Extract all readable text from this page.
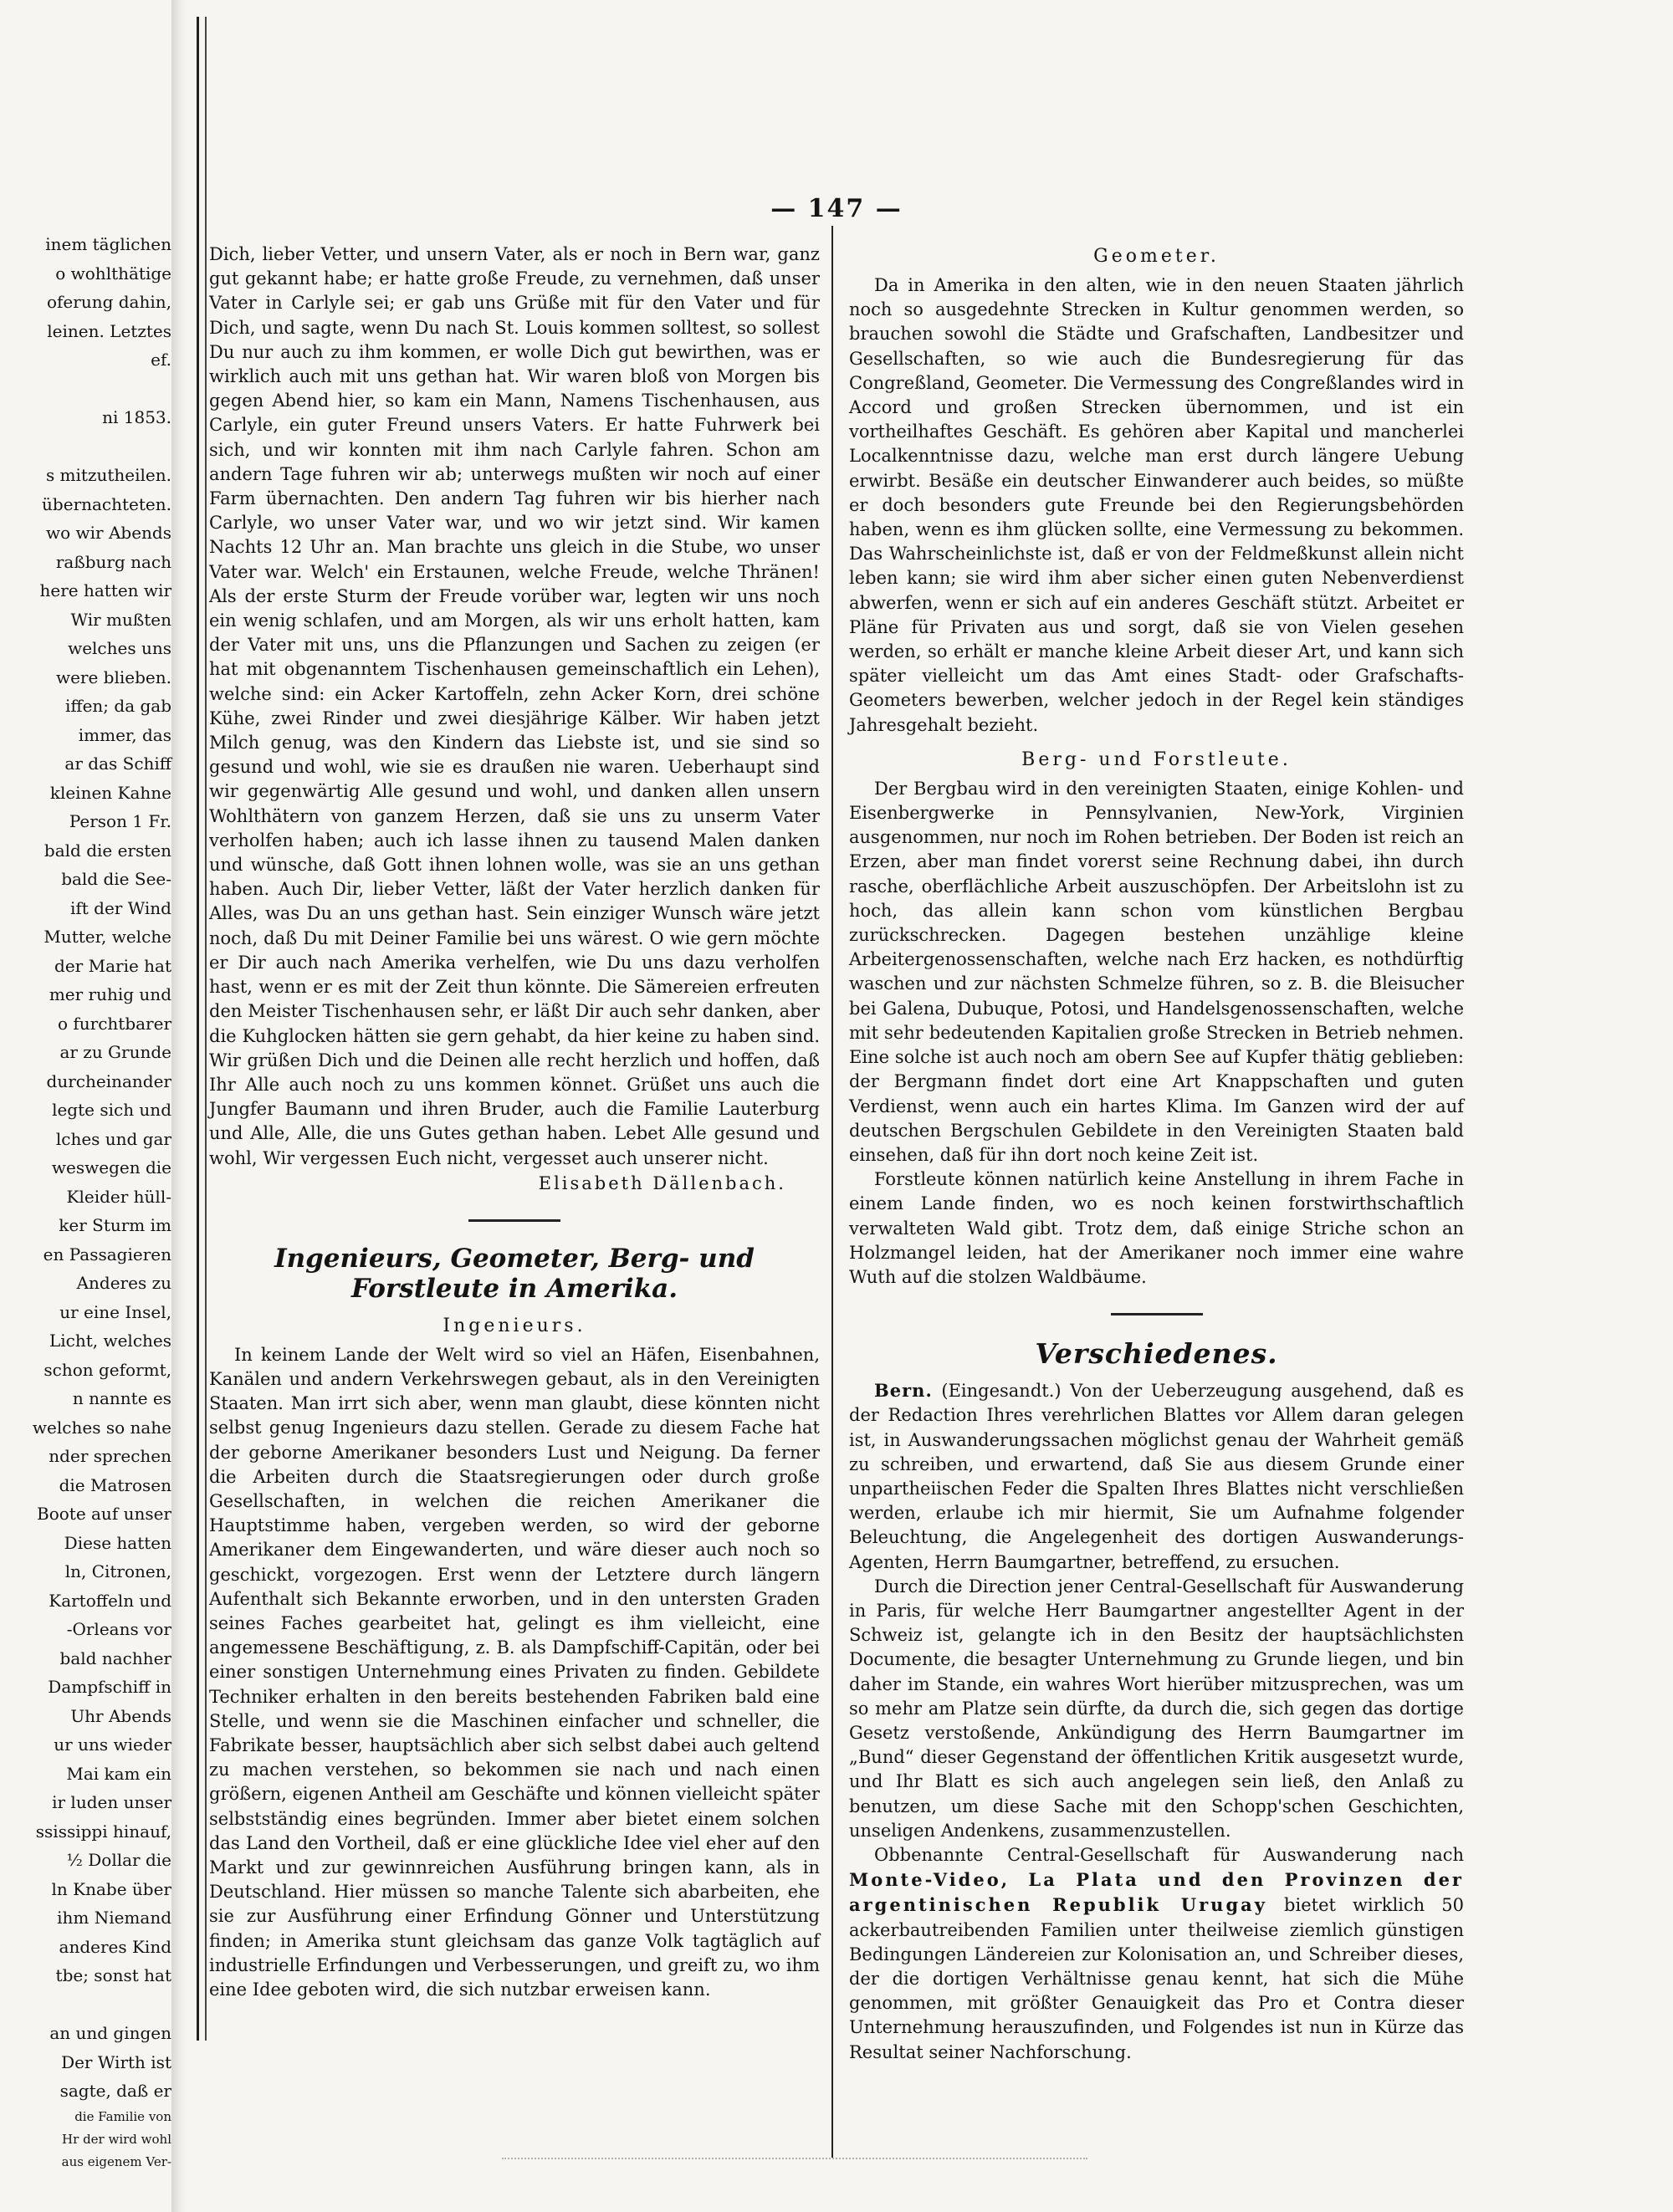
inem täglichen
o wohlthätige
oferung dahin,
leinen. Letztes
ef.

ni 1853.

s mitzutheilen.
übernachteten.
wo wir Abends
raßburg nach
here hatten wir
Wir mußten
welches uns
were blieben.
iffen; da gab
immer, das
ar das Schiff
kleinen Kahne
Person 1 Fr.
bald die ersten
bald die See-
ift der Wind
Mutter, welche
der Marie hat
mer ruhig und
o furchtbarer
ar zu Grunde
durcheinander
legte sich und
lches und gar
weswegen die
Kleider hüll-
ker Sturm im
en Passagieren
Anderes zu
ur eine Insel,
Licht, welches
schon geformt,
n nannte es
welches so nahe
nder sprechen
die Matrosen
Boote auf unser
Diese hatten
ln, Citronen,
Kartoffeln und
-Orleans vor
bald nachher
Dampfschiff in
Uhr Abends
ur uns wieder
Mai kam ein
ir luden unser
ssissippi hinauf,
½ Dollar die
ln Knabe über
ihm Niemand
anderes Kind
tbe; sonst hat

an und gingen
Der Wirth ist
sagte, daß er
die Familie von
Hr der wird wohl
aus eigenem Ver-
— 147 —

Dich, lieber Vetter, und unsern Vater, als er noch in Bern war, ganz gut gekannt habe; er hatte große Freude, zu vernehmen, daß unser Vater in Carlyle sei; er gab uns Grüße mit für den Vater und für Dich, und sagte, wenn Du nach St. Louis kommen solltest, so sollest Du nur auch zu ihm kommen, er wolle Dich gut bewirthen, was er wirklich auch mit uns gethan hat. Wir waren bloß von Morgen bis gegen Abend hier, so kam ein Mann, Namens Tischenhausen, aus Carlyle, ein guter Freund unsers Vaters. Er hatte Fuhrwerk bei sich, und wir konnten mit ihm nach Carlyle fahren. Schon am andern Tage fuhren wir ab; unterwegs mußten wir noch auf einer Farm übernachten. Den andern Tag fuhren wir bis hierher nach Carlyle, wo unser Vater war, und wo wir jetzt sind. Wir kamen Nachts 12 Uhr an. Man brachte uns gleich in die Stube, wo unser Vater war. Welch' ein Erstaunen, welche Freude, welche Thränen! Als der erste Sturm der Freude vorüber war, legten wir uns noch ein wenig schlafen, und am Morgen, als wir uns erholt hatten, kam der Vater mit uns, uns die Pflanzungen und Sachen zu zeigen (er hat mit obgenanntem Tischenhausen gemeinschaftlich ein Lehen), welche sind: ein Acker Kartoffeln, zehn Acker Korn, drei schöne Kühe, zwei Rinder und zwei diesjährige Kälber. Wir haben jetzt Milch genug, was den Kindern das Liebste ist, und sie sind so gesund und wohl, wie sie es draußen nie waren. Ueberhaupt sind wir gegenwärtig Alle gesund und wohl, und danken allen unsern Wohlthätern von ganzem Herzen, daß sie uns zu unserm Vater verholfen haben; auch ich lasse ihnen zu tausend Malen danken und wünsche, daß Gott ihnen lohnen wolle, was sie an uns gethan haben. Auch Dir, lieber Vetter, läßt der Vater herzlich danken für Alles, was Du an uns gethan hast. Sein einziger Wunsch wäre jetzt noch, daß Du mit Deiner Familie bei uns wärest. O wie gern möchte er Dir auch nach Amerika verhelfen, wie Du uns dazu verholfen hast, wenn er es mit der Zeit thun könnte. Die Sämereien erfreuten den Meister Tischenhausen sehr, er läßt Dir auch sehr danken, aber die Kuhglocken hätten sie gern gehabt, da hier keine zu haben sind. Wir grüßen Dich und die Deinen alle recht herzlich und hoffen, daß Ihr Alle auch noch zu uns kommen könnet. Grüßet uns auch die Jungfer Baumann und ihren Bruder, auch die Familie Lauterburg und Alle, Alle, die uns Gutes gethan haben. Lebet Alle gesund und wohl, Wir vergessen Euch nicht, vergesset auch unserer nicht.

Elisabeth Dällenbach.

Ingenieurs, Geometer, Berg- und Forstleute in Amerika.
Ingenieurs.

In keinem Lande der Welt wird so viel an Häfen, Eisenbahnen, Kanälen und andern Verkehrswegen gebaut, als in den Vereinigten Staaten. Man irrt sich aber, wenn man glaubt, diese könnten nicht selbst genug Ingenieurs dazu stellen. Gerade zu diesem Fache hat der geborne Amerikaner besonders Lust und Neigung. Da ferner die Arbeiten durch die Staatsregierungen oder durch große Gesellschaften, in welchen die reichen Amerikaner die Hauptstimme haben, vergeben werden, so wird der geborne Amerikaner dem Eingewanderten, und wäre dieser auch noch so geschickt, vorgezogen. Erst wenn der Letztere durch längern Aufenthalt sich Bekannte erworben, und in den untersten Graden seines Faches gearbeitet hat, gelingt es ihm vielleicht, eine angemessene Beschäftigung, z. B. als Dampfschiff-Capitän, oder bei einer sonstigen Unternehmung eines Privaten zu finden. Gebildete Techniker erhalten in den bereits bestehenden Fabriken bald eine Stelle, und wenn sie die Maschinen einfacher und schneller, die Fabrikate besser, hauptsächlich aber sich selbst dabei auch geltend zu machen verstehen, so bekommen sie nach und nach einen größern, eigenen Antheil am Geschäfte und können vielleicht später selbstständig eines begründen. Immer aber bietet einem solchen das Land den Vortheil, daß er eine glückliche Idee viel eher auf den Markt und zur gewinnreichen Ausführung bringen kann, als in Deutschland. Hier müssen so manche Talente sich abarbeiten, ehe sie zur Ausführung einer Erfindung Gönner und Unterstützung finden; in Amerika stunt gleichsam das ganze Volk tagtäglich auf industrielle Erfindungen und Verbesserungen, und greift zu, wo ihm eine Idee geboten wird, die sich nutzbar erweisen kann.

Geometer.

Da in Amerika in den alten, wie in den neuen Staaten jährlich noch so ausgedehnte Strecken in Kultur genommen werden, so brauchen sowohl die Städte und Grafschaften, Landbesitzer und Gesellschaften, so wie auch die Bundesregierung für das Congreßland, Geometer. Die Vermessung des Congreßlandes wird in Accord und großen Strecken übernommen, und ist ein vortheilhaftes Geschäft. Es gehören aber Kapital und mancherlei Localkenntnisse dazu, welche man erst durch längere Uebung erwirbt. Besäße ein deutscher Einwanderer auch beides, so müßte er doch besonders gute Freunde bei den Regierungsbehörden haben, wenn es ihm glücken sollte, eine Vermessung zu bekommen. Das Wahrscheinlichste ist, daß er von der Feldmeßkunst allein nicht leben kann; sie wird ihm aber sicher einen guten Nebenverdienst abwerfen, wenn er sich auf ein anderes Geschäft stützt. Arbeitet er Pläne für Privaten aus und sorgt, daß sie von Vielen gesehen werden, so erhält er manche kleine Arbeit dieser Art, und kann sich später vielleicht um das Amt eines Stadt- oder Grafschafts-Geometers bewerben, welcher jedoch in der Regel kein ständiges Jahresgehalt bezieht.

Berg- und Forstleute.

Der Bergbau wird in den vereinigten Staaten, einige Kohlen- und Eisenbergwerke in Pennsylvanien, New-York, Virginien ausgenommen, nur noch im Rohen betrieben. Der Boden ist reich an Erzen, aber man findet vorerst seine Rechnung dabei, ihn durch rasche, oberflächliche Arbeit auszuschöpfen. Der Arbeitslohn ist zu hoch, das allein kann schon vom künstlichen Bergbau zurückschrecken. Dagegen bestehen unzählige kleine Arbeitergenossenschaften, welche nach Erz hacken, es nothdürftig waschen und zur nächsten Schmelze führen, so z. B. die Bleisucher bei Galena, Dubuque, Potosi, und Handelsgenossenschaften, welche mit sehr bedeutenden Kapitalien große Strecken in Betrieb nehmen. Eine solche ist auch noch am obern See auf Kupfer thätig geblieben: der Bergmann findet dort eine Art Knappschaften und guten Verdienst, wenn auch ein hartes Klima. Im Ganzen wird der auf deutschen Bergschulen Gebildete in den Vereinigten Staaten bald einsehen, daß für ihn dort noch keine Zeit ist.

Forstleute können natürlich keine Anstellung in ihrem Fache in einem Lande finden, wo es noch keinen forstwirthschaftlich verwalteten Wald gibt. Trotz dem, daß einige Striche schon an Holzmangel leiden, hat der Amerikaner noch immer eine wahre Wuth auf die stolzen Waldbäume.

Verschiedenes.

Bern. (Eingesandt.) Von der Ueberzeugung ausgehend, daß es der Redaction Ihres verehrlichen Blattes vor Allem daran gelegen ist, in Auswanderungssachen möglichst genau der Wahrheit gemäß zu schreiben, und erwartend, daß Sie aus diesem Grunde einer unpartheiischen Feder die Spalten Ihres Blattes nicht verschließen werden, erlaube ich mir hiermit, Sie um Aufnahme folgender Beleuchtung, die Angelegenheit des dortigen Auswanderungs-Agenten, Herrn Baumgartner, betreffend, zu ersuchen.

Durch die Direction jener Central-Gesellschaft für Auswanderung in Paris, für welche Herr Baumgartner angestellter Agent in der Schweiz ist, gelangte ich in den Besitz der hauptsächlichsten Documente, die besagter Unternehmung zu Grunde liegen, und bin daher im Stande, ein wahres Wort hierüber mitzusprechen, was um so mehr am Platze sein dürfte, da durch die, sich gegen das dortige Gesetz verstoßende, Ankündigung des Herrn Baumgartner im „Bund“ dieser Gegenstand der öffentlichen Kritik ausgesetzt wurde, und Ihr Blatt es sich auch angelegen sein ließ, den Anlaß zu benutzen, um diese Sache mit den Schopp'schen Geschichten, unseligen Andenkens, zusammenzustellen.

Obbenannte Central-Gesellschaft für Auswanderung nach Monte-Video, La Plata und den Provinzen der argentinischen Republik Urugay bietet wirklich 50 ackerbautreibenden Familien unter theilweise ziemlich günstigen Bedingungen Ländereien zur Kolonisation an, und Schreiber dieses, der die dortigen Verhältnisse genau kennt, hat sich die Mühe genommen, mit größter Genauigkeit das Pro et Contra dieser Unternehmung herauszufinden, und Folgendes ist nun in Kürze das Resultat seiner Nachforschung.
